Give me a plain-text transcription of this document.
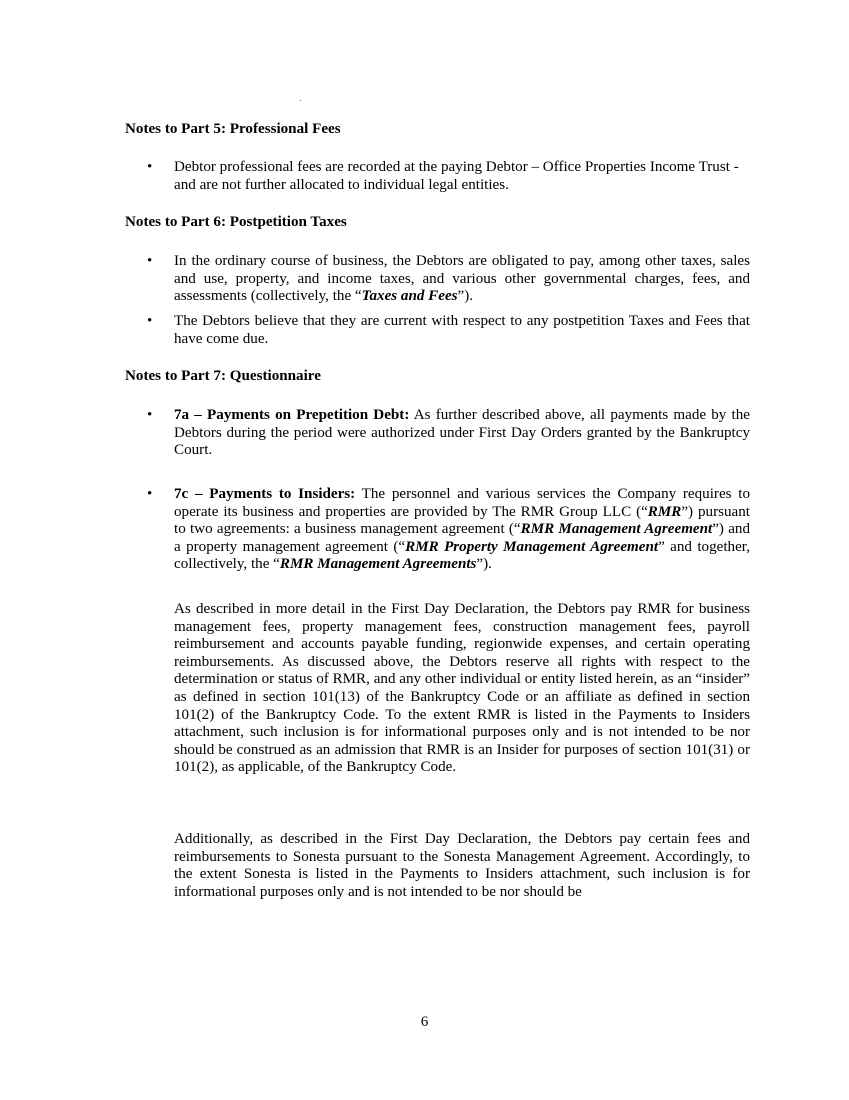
Notes to Part 5: Professional Fees
•	Debtor professional fees are recorded at the paying Debtor – Office Properties Income Trust - and are not further allocated to individual legal entities.

Notes to Part 6: Postpetition Taxes
•	In the ordinary course of business, the Debtors are obligated to pay, among other taxes, sales and use, property, and income taxes, and various other governmental charges, fees, and assessments (collectively, the “Taxes and Fees”).

•	The Debtors believe that they are current with respect to any postpetition Taxes and Fees that have come due.

Notes to Part 7: Questionnaire
•	7a – Payments on Prepetition Debt: As further described above, all payments made by the Debtors during the period were authorized under First Day Orders granted by the Bankruptcy Court.

•	7c – Payments to Insiders: The personnel and various services the Company requires to operate its business and properties are provided by The RMR Group LLC (“RMR”) pursuant to two agreements: a business management agreement (“RMR Management Agreement”) and a property management agreement (“RMR Property Management Agreement” and together, collectively, the “RMR Management Agreements”).

As described in more detail in the First Day Declaration, the Debtors pay RMR for business management fees, property management fees, construction management fees, payroll reimbursement and accounts payable funding, regionwide expenses, and certain operating reimbursements. As discussed above, the Debtors reserve all rights with respect to the determination or status of RMR, and any other individual or entity listed herein, as an “insider” as defined in section 101(13) of the Bankruptcy Code or an affiliate as defined in section 101(2) of the Bankruptcy Code. To the extent RMR is listed in the Payments to Insiders attachment, such inclusion is for informational purposes only and is not intended to be nor should be construed as an admission that RMR is an Insider for purposes of section 101(31) or 101(2), as applicable, of the Bankruptcy Code.

Additionally, as described in the First Day Declaration, the Debtors pay certain fees and reimbursements to Sonesta pursuant to the Sonesta Management Agreement. Accordingly, to the extent Sonesta is listed in the Payments to Insiders attachment, such inclusion is for informational purposes only and is not intended to be nor should be

6
